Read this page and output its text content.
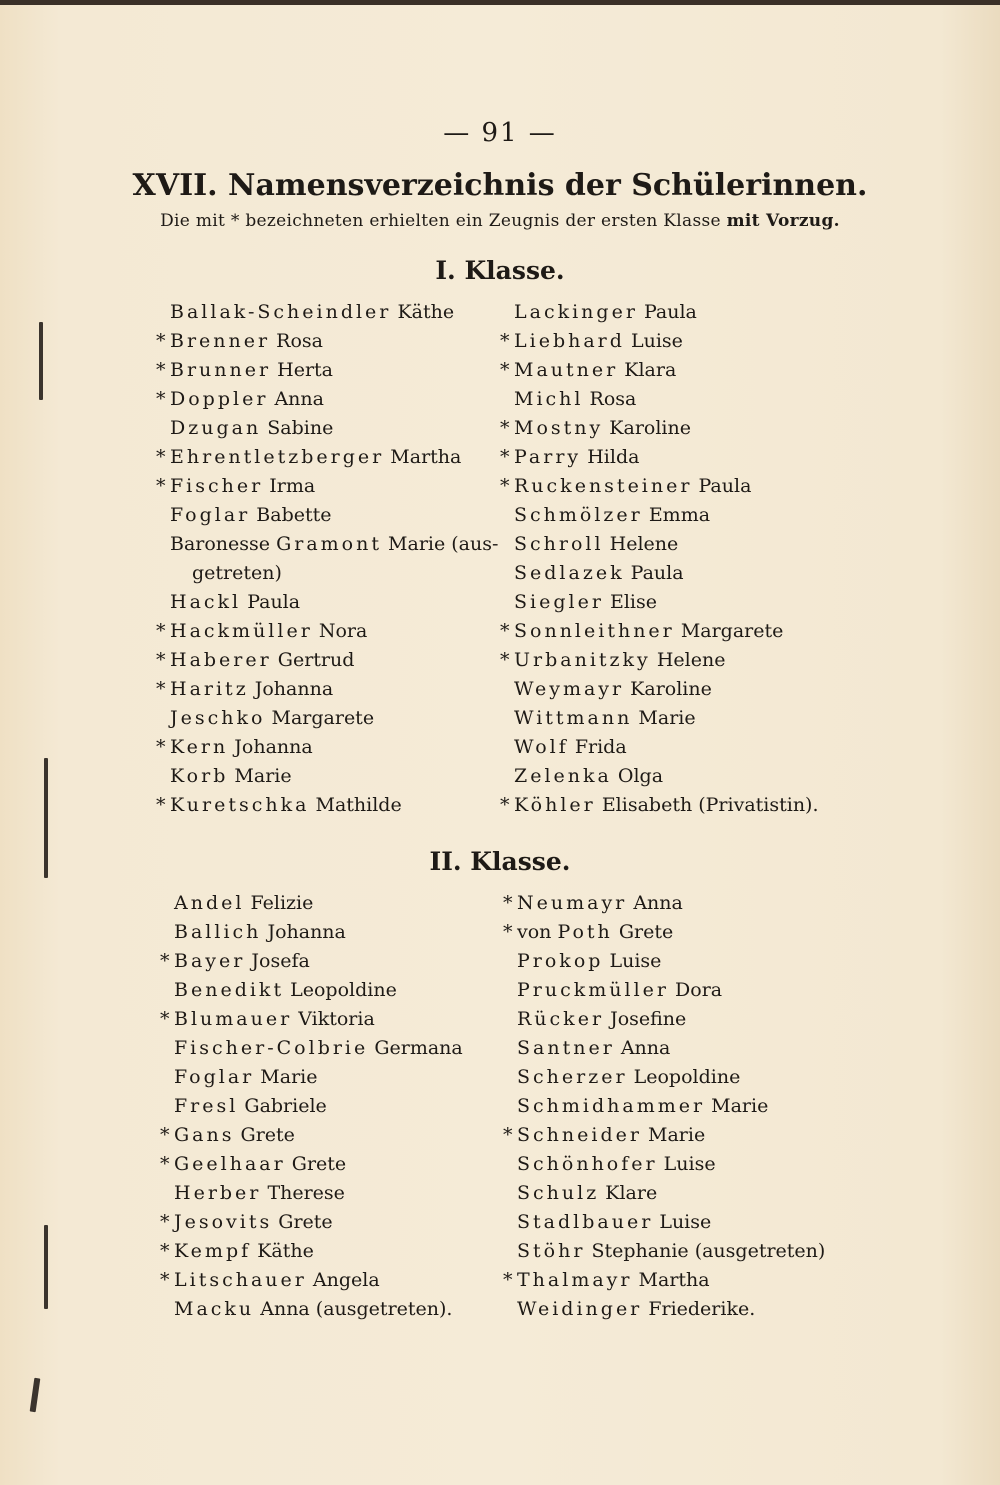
— 91 —
XVII. Namensverzeichnis der Schülerinnen.
Die mit * bezeichneten erhielten ein Zeugnis der ersten Klasse mit Vorzug.
I. Klasse.
Ballak-Scheindler Käthe
* Brenner Rosa
* Brunner Herta
* Doppler Anna
Dzugan Sabine
* Ehrentletzberger Martha
* Fischer Irma
Foglar Babette
Baronesse Gramont Marie (aus-
getreten)
Hackl Paula
* Hackmüller Nora
* Haberer Gertrud
* Haritz Johanna
Jeschko Margarete
* Kern Johanna
Korb Marie
* Kuretschka Mathilde
Lackinger Paula
* Liebhard Luise
* Mautner Klara
Michl Rosa
* Mostny Karoline
* Parry Hilda
* Ruckensteiner Paula
Schmölzer Emma
Schroll Helene
Sedlazek Paula
Siegler Elise
* Sonnleithner Margarete
* Urbanitzky Helene
Weymayr Karoline
Wittmann Marie
Wolf Frida
Zelenka Olga
* Köhler Elisabeth (Privatistin).
II. Klasse.
Andel Felizie
Ballich Johanna
* Bayer Josefa
Benedikt Leopoldine
* Blumauer Viktoria
Fischer-Colbrie Germana
Foglar Marie
Fresl Gabriele
* Gans Grete
* Geelhaar Grete
Herber Therese
* Jesovits Grete
* Kempf Käthe
* Litschauer Angela
Macku Anna (ausgetreten).
* Neumayr Anna
* von Poth Grete
Prokop Luise
Pruckmüller Dora
Rücker Josefine
Santner Anna
Scherzer Leopoldine
Schmidhammer Marie
* Schneider Marie
Schönhofer Luise
Schulz Klare
Stadlbauer Luise
Stöhr Stephanie (ausgetreten)
* Thalmayr Martha
Weidinger Friederike.
